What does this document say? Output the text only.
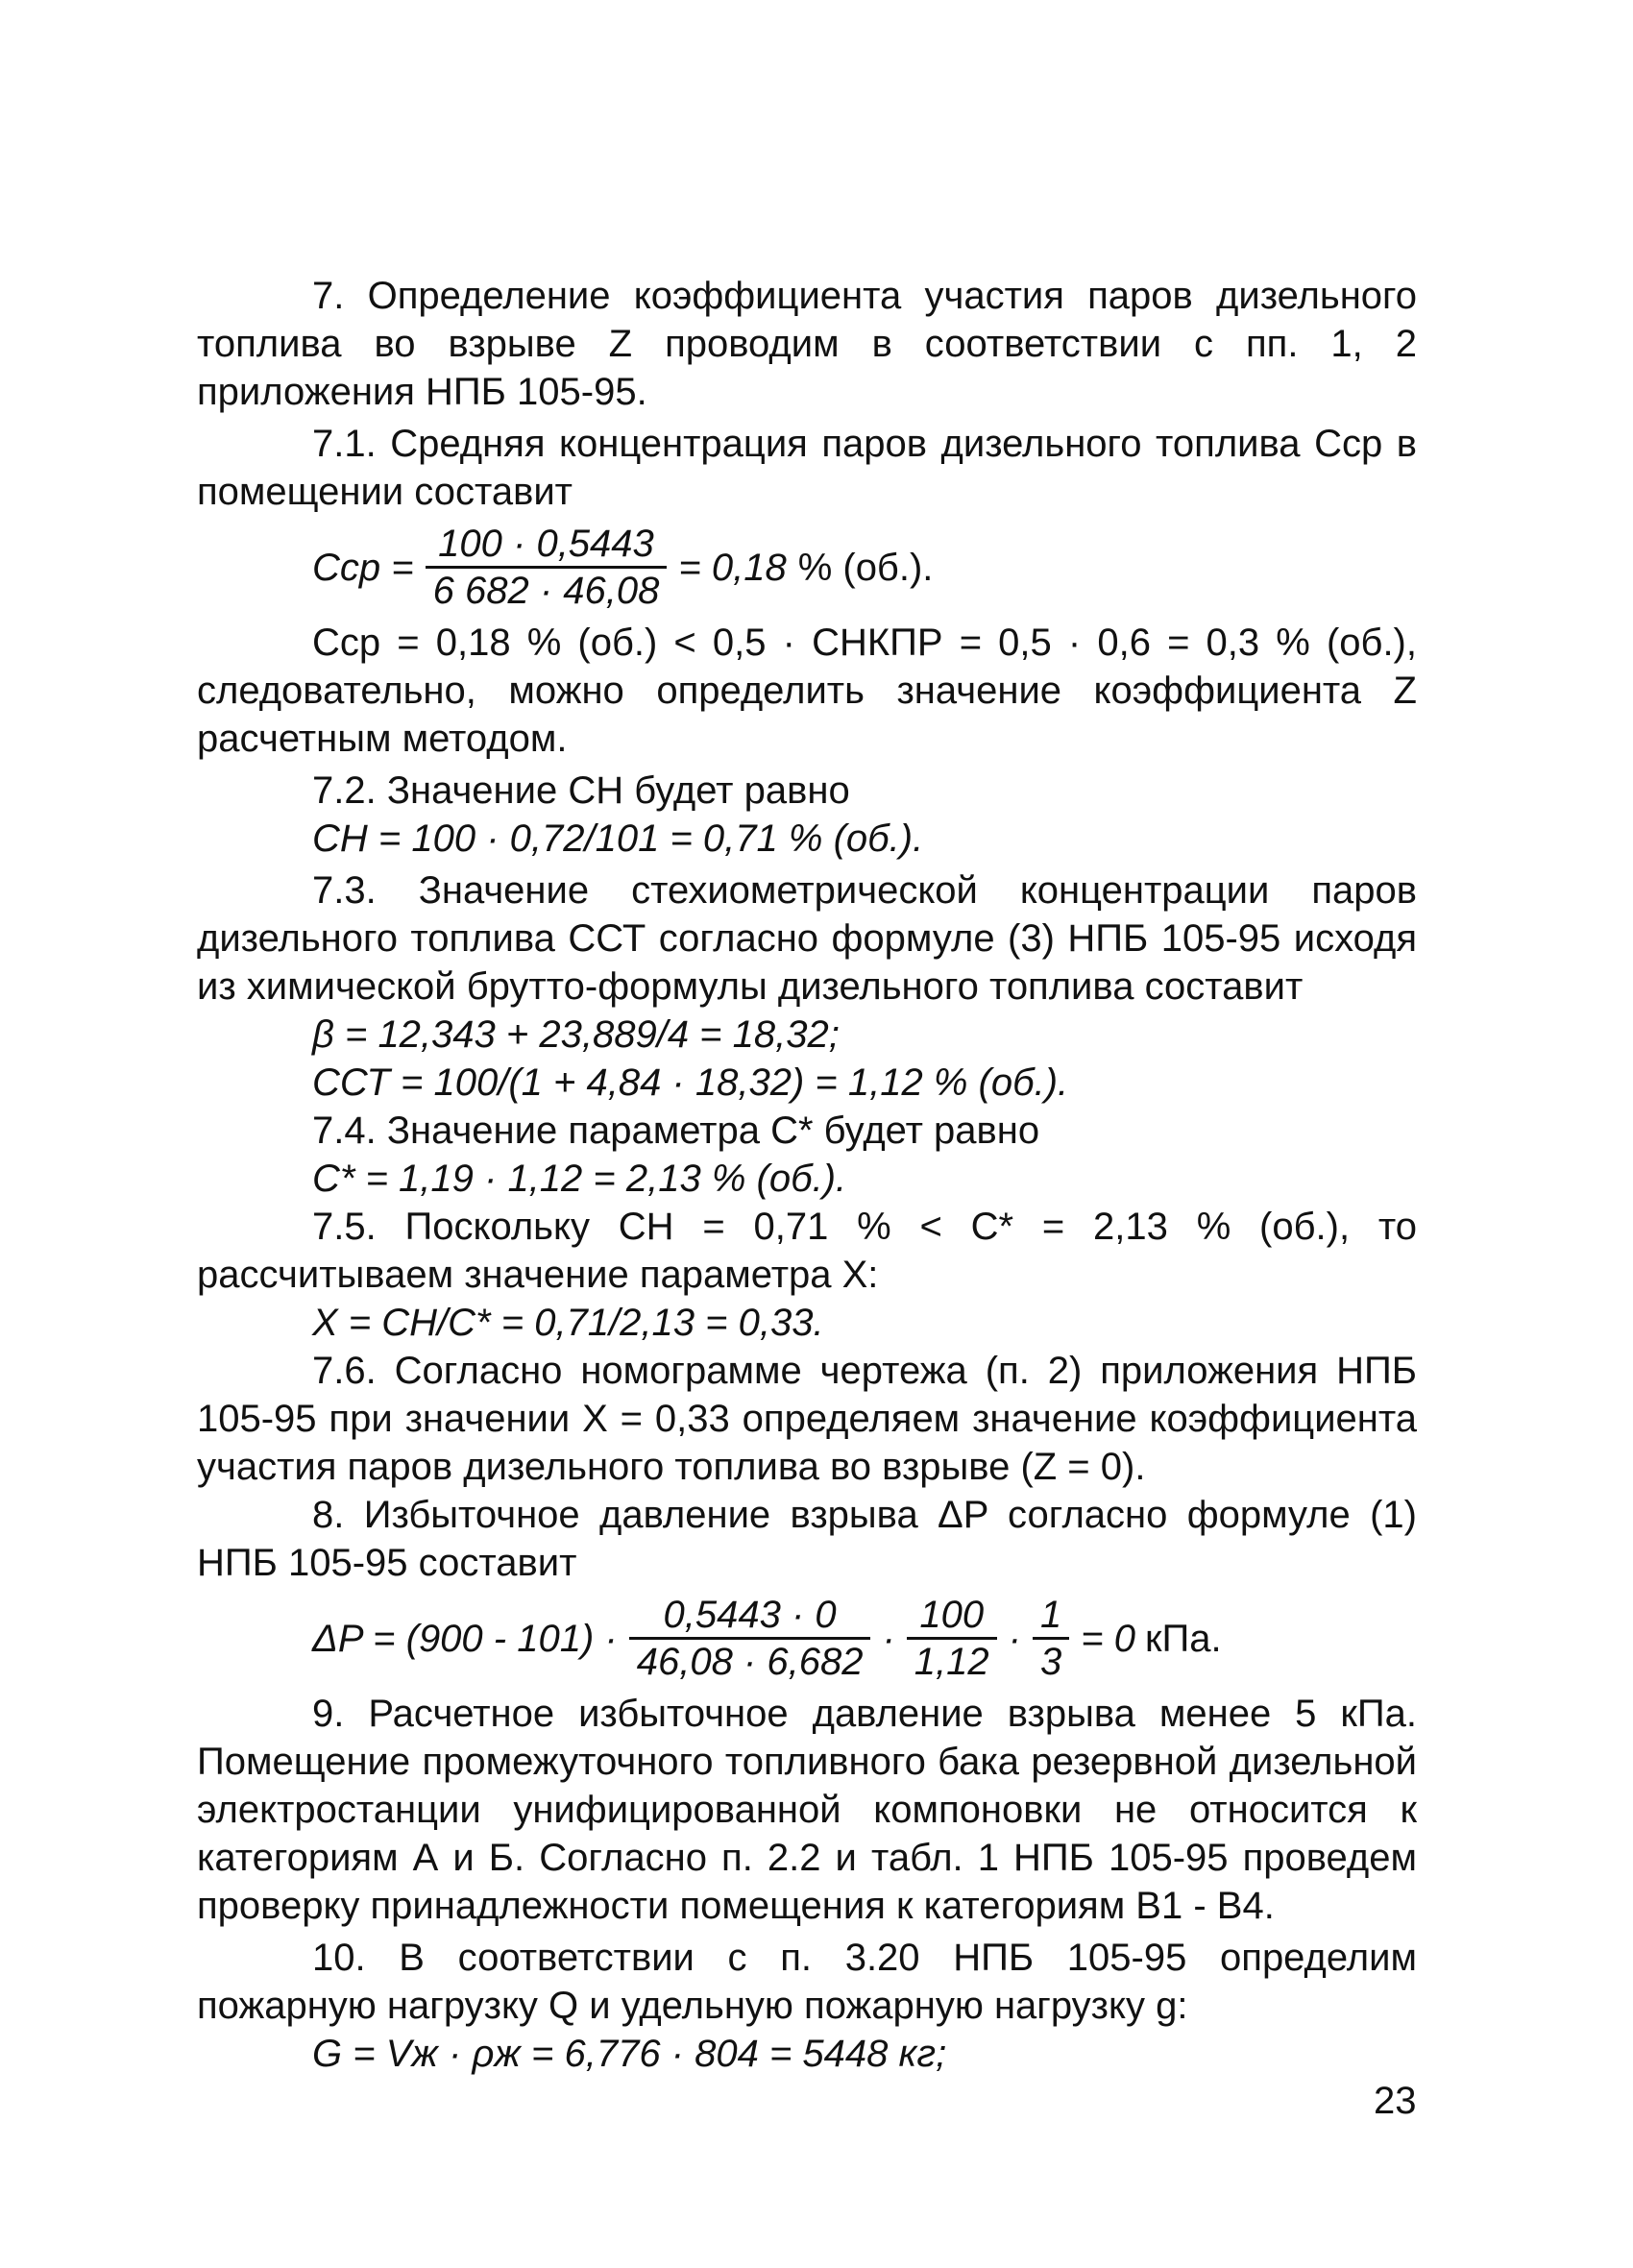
7. Определение коэффициента участия паров дизельного топлива во взрыве Z проводим в соответствии с пп. 1, 2 приложения НПБ 105-95.

7.1. Средняя концентрация паров дизельного топлива Cср в помещении составит

Cср = $\frac{100 \cdot 0,5443}{6 682 \cdot 46,08} = 0,18$ % (об.).

Cср = 0,18 % (об.) < 0,5 · CНКПР = 0,5 · 0,6 = 0,3 % (об.), следовательно, можно определить значение коэффициента Z расчетным методом.

7.2. Значение CН будет равно

CН = 100 · 0,72/101 = 0,71 % (об.).

7.3. Значение стехиометрической концентрации паров дизельного топлива CСТ согласно формуле (3) НПБ 105-95 исходя из химической брутто-формулы дизельного топлива составит

β = 12,343 + 23,889/4 = 18,32;

CСТ = 100/(1 + 4,84 · 18,32) = 1,12 % (об.).

7.4. Значение параметра C* будет равно

C* = 1,19 · 1,12 = 2,13 % (об.).

7.5. Поскольку CН = 0,71 % < C* = 2,13 % (об.), то рассчитываем значение параметра X:

X = CН/C* = 0,71/2,13 = 0,33.

7.6. Согласно номограмме чертежа (п. 2) приложения НПБ 105-95 при значении X = 0,33 определяем значение коэффициента участия паров дизельного топлива во взрыве (Z = 0).

8. Избыточное давление взрыва ΔP согласно формуле (1) НПБ 105-95 составит

$\Delta P = (900 - 101) \cdot \frac{0,5443 \cdot 0}{46,08 \cdot 6,682} \cdot \frac{100}{1,12} \cdot \frac{1}{3} = 0$ кПа.

9. Расчетное избыточное давление взрыва менее 5 кПа. Помещение промежуточного топливного бака резервной дизельной электростанции унифицированной компоновки не относится к категориям А и Б. Согласно п. 2.2 и табл. 1 НПБ 105-95 проведем проверку принадлежности помещения к категориям В1 - В4.

10. В соответствии с п. 3.20 НПБ 105-95 определим пожарную нагрузку Q и удельную пожарную нагрузку g:

G = Vж · ρж = 6,776 · 804 = 5448 кг;

23
